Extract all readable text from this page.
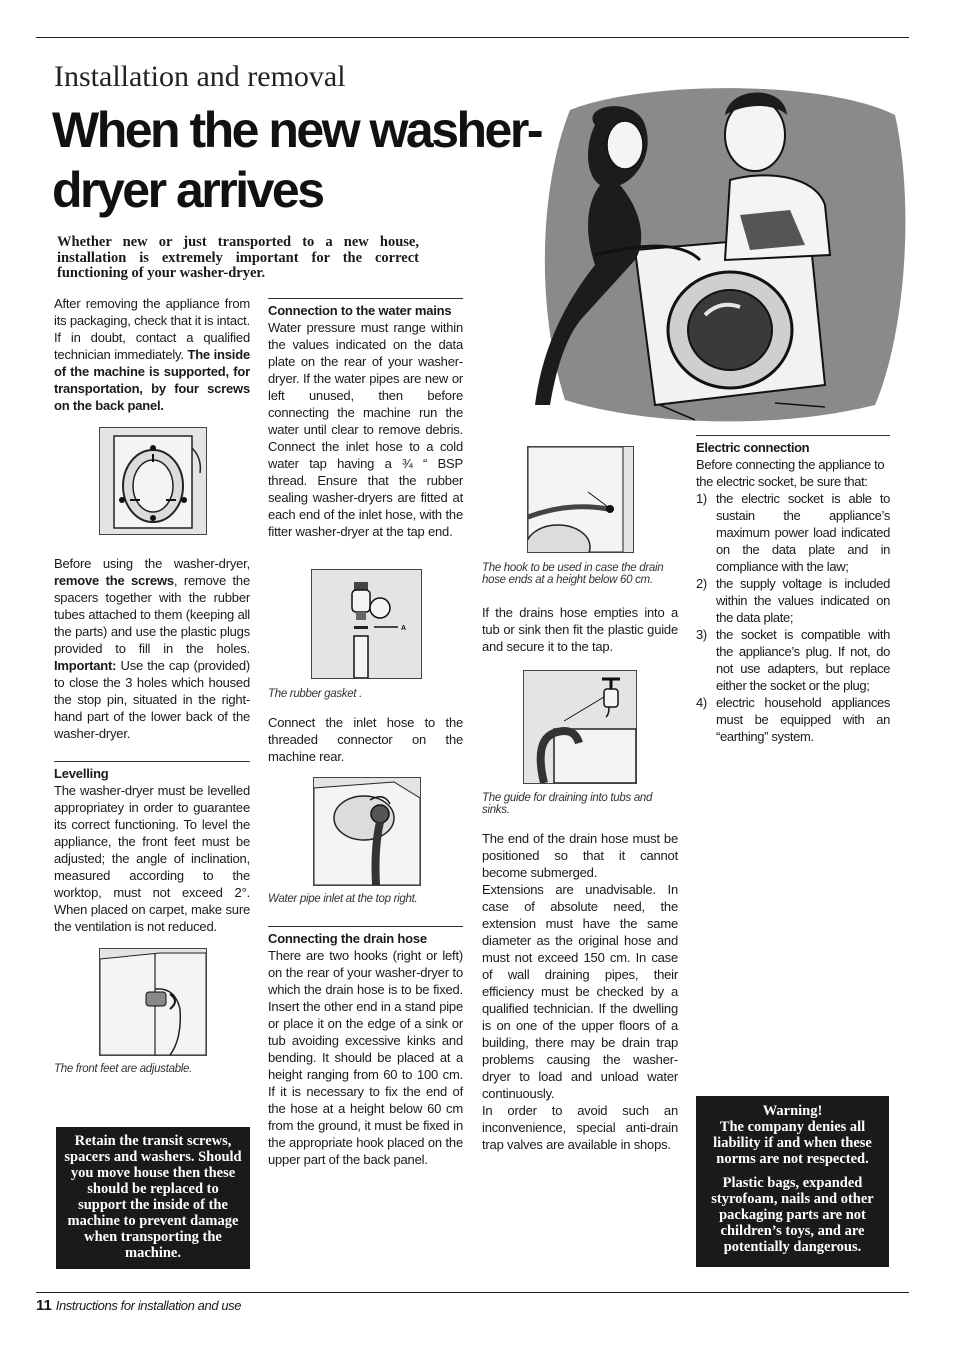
Installation and removal
When the new washer-dryer arrives
Whether new or just transported to a new house, installation is extremely important for the correct functioning of your washer-dryer.

After removing the appliance from its packaging, check that it is intact. If in doubt, contact a qualified technician immediately. The inside of the machine is supported, for transportation, by four screws on the back panel.

Before using the washer-dryer, remove the screws, remove the spacers together with the rubber tubes attached to them (keeping all the parts) and use the plastic plugs provided to fill in the holes. Important: Use the cap (provided) to close the 3 holes which housed the stop pin, situated in the right-hand part of the lower back of the washer-dryer.

Levelling

The washer-dryer must be levelled appropriatey in order to guarantee its correct functioning. To level the appliance, the front feet must be adjusted; the angle of inclination, measured according to the worktop, must not exceed 2°. When placed on carpet, make sure the ventilation is not reduced.

The front feet are adjustable.

Retain the transit screws, spacers and washers. Should you move house then these should be replaced to support the inside of the machine to prevent damage when transporting the machine.

Connection to the water mains

Water pressure must range within the values indicated on the data plate on the rear of your washer-dryer. If the water pipes are new or left unused, then before connecting the machine run the water until clear to remove debris. Connect the inlet hose to a cold water tap having a ¾ “ BSP thread. Ensure that the rubber sealing washer-dryers are fitted at each end of the inlet hose, with the fitter washer-dryer at the tap end.

A
The rubber gasket .

Connect the inlet hose to the threaded connector on the machine rear.

Water pipe inlet at the top right.

Connecting the drain hose

There are two hooks (right or left) on the rear of your washer-dryer to which the drain hose is to be fixed. Insert the other end in a stand pipe or place it on the edge of a sink or tub avoiding excessive kinks and bending. It should be placed at a height ranging from 60 to 100 cm. If it is necessary to fix the end of the hose at a height below 60 cm from the ground, it must be fixed in the appropriate hook placed on the upper part of the back panel.

The hook to be used in case the drain hose ends at a height below 60 cm.

If the drains hose empties into a tub or sink then fit the plastic guide and secure it to the tap.

The guide for draining into tubs and sinks.

The end of the drain hose must be positioned so that it cannot become submerged.

Extensions are unadvisable. In case of absolute need, the extension must have the same diameter as the original hose and must not exceed 150 cm. In case of wall draining pipes, their efficiency must be checked by a qualified technician. If the dwelling is on one of the upper floors of a building, there may be drain trap problems causing the washer-dryer to load and unload water continuously.

In order to avoid such an inconvenience, special anti-drain trap valves are available in shops.

Electric connection

Before connecting the appliance to the electric socket, be sure that:

1) the electric socket is able to sustain the appliance’s maximum power load indicated on the data plate and in compliance with the law;
2) the supply voltage is included within the values indicated on the data plate;
3) the socket is compatible with the appliance’s plug. If not, do not use adapters, but replace either the socket or the plug;
4) electric household appliances must be equipped with an “earthing” system.

Warning!

The company denies all liability if and when these norms are not respected.

Plastic bags, expanded styrofoam, nails and other packaging parts are not children’s toys, and are potentially dangerous.

11 Instructions for installation and use
